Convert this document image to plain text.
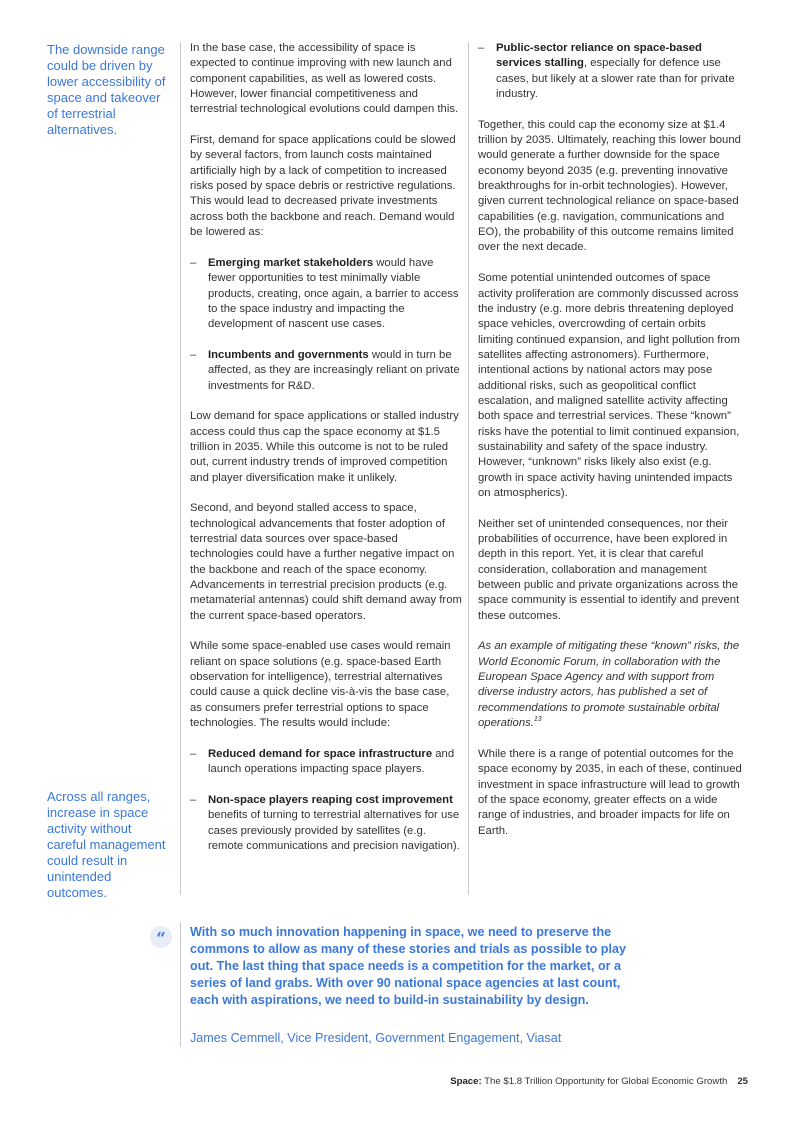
The downside range could be driven by lower accessibility of space and takeover of terrestrial alternatives.
Across all ranges, increase in space activity without careful management could result in unintended outcomes.

In the base case, the accessibility of space is expected to continue improving with new launch and component capabilities, as well as lowered costs. However, lower financial competitiveness and terrestrial technological evolutions could dampen this.

First, demand for space applications could be slowed by several factors, from launch costs maintained artificially high by a lack of competition to increased risks posed by space debris or restrictive regulations. This would lead to decreased private investments across both the backbone and reach. Demand would be lowered as:

– Emerging market stakeholders would have fewer opportunities to test minimally viable products, creating, once again, a barrier to access to the space industry and impacting the development of nascent use cases.
– Incumbents and governments would in turn be affected, as they are increasingly reliant on private investments for R&D.

Low demand for space applications or stalled industry access could thus cap the space economy at $1.5 trillion in 2035. While this outcome is not to be ruled out, current industry trends of improved competition and player diversification make it unlikely.

Second, and beyond stalled access to space, technological advancements that foster adoption of terrestrial data sources over space-based technologies could have a further negative impact on the backbone and reach of the space economy. Advancements in terrestrial precision products (e.g. metamaterial antennas) could shift demand away from the current space-based operators.

While some space-enabled use cases would remain reliant on space solutions (e.g. space-based Earth observation for intelligence), terrestrial alternatives could cause a quick decline vis-à-vis the base case, as consumers prefer terrestrial options to space technologies. The results would include:

– Reduced demand for space infrastructure and launch operations impacting space players.
– Non-space players reaping cost improvement benefits of turning to terrestrial alternatives for use cases previously provided by satellites (e.g. remote communications and precision navigation).
– Public-sector reliance on space-based services stalling, especially for defence use cases, but likely at a slower rate than for private industry.

Together, this could cap the economy size at $1.4 trillion by 2035. Ultimately, reaching this lower bound would generate a further downside for the space economy beyond 2035 (e.g. preventing innovative breakthroughs for in-orbit technologies). However, given current technological reliance on space-based capabilities (e.g. navigation, communications and EO), the probability of this outcome remains limited over the next decade.

Some potential unintended outcomes of space activity proliferation are commonly discussed across the industry (e.g. more debris threatening deployed space vehicles, overcrowding of certain orbits limiting continued expansion, and light pollution from satellites affecting astronomers). Furthermore, intentional actions by national actors may pose additional risks, such as geopolitical conflict escalation, and maligned satellite activity affecting both space and terrestrial services. These “known” risks have the potential to limit continued expansion, sustainability and safety of the space industry. However, “unknown” risks likely also exist (e.g. growth in space activity having unintended impacts on atmospherics).

Neither set of unintended consequences, nor their probabilities of occurrence, have been explored in depth in this report. Yet, it is clear that careful consideration, collaboration and management between public and private organizations across the space community is essential to identify and prevent these outcomes.

As an example of mitigating these “known” risks, the World Economic Forum, in collaboration with the European Space Agency and with support from diverse industry actors, has published a set of recommendations to promote sustainable orbital operations.$^{13}$

While there is a range of potential outcomes for the space economy by 2035, in each of these, continued investment in space infrastructure will lead to growth of the space economy, greater effects on a wide range of industries, and broader impacts for life on Earth.

“	With so much innovation happening in space, we need to preserve the commons to allow as many of these stories and trials as possible to play out. The last thing that space needs is a competition for the market, or a series of land grabs. With over 90 national space agencies at last count, each with aspirations, we need to build-in sustainability by design.
James Cemmell, Vice President, Government Engagement, Viasat
Space: The $1.8 Trillion Opportunity for Global Economic Growth 25
